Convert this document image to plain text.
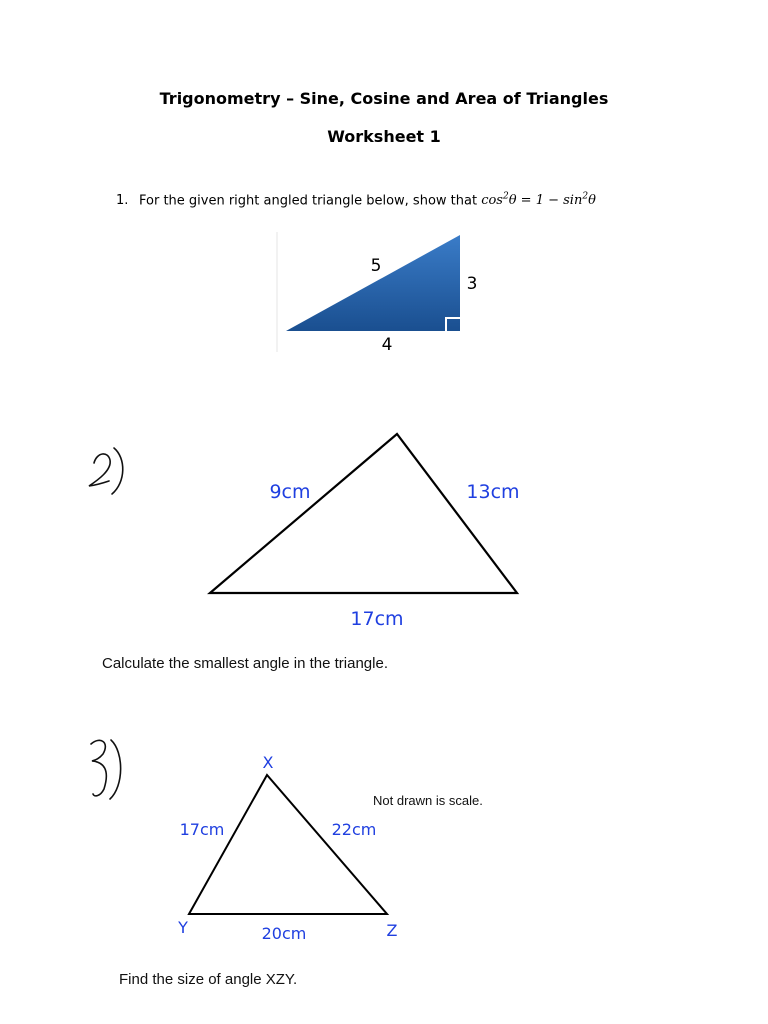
Trigonometry – Sine, Cosine and Area of Triangles
Worksheet 1
1. For the given right angled triangle below, show that $\cos^2\theta = 1 - \sin^2\theta$
5
3
4
9cm	13cm
17cm
X
Y	Z
17cm	22cm
20cm
Calculate the smallest angle in the triangle.
Not drawn is scale.
Find the size of angle XZY.
